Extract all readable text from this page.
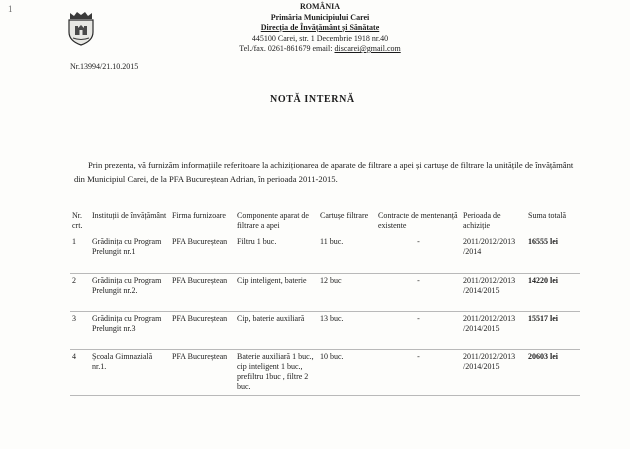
1	ROMÂNIA
Primăria Municipiului Carei
Direcția de Învățământ și Sănătate
445100 Carei, str. 1 Decembrie 1918 nr.40
Tel./fax. 0261-861679 email: discarei@gmail.com
Nr.13994/21.10.2015
NOTĂ INTERNĂ
Prin prezenta, vă furnizăm informațiile referitoare la achiziționarea de aparate de filtrare a apei și cartușe de filtrare la unitățile de învățământ din Municipiul Carei, de la PFA Bucureștean Adrian, în perioada 2011-2015.
Nr. crt.	Instituții de învățământ	Firma furnizoare	Componente aparat de filtrare a apei	Cartușe filtrare	Contracte de mentenanță existente	Perioada de achiziție	Suma totală
1	Grădinița cu Program Prelungit nr.1	PFA Bucureștean	Filtru 1 buc.	11 buc.	-	2011/2012/2013 /2014	16555 lei
2	Grădinița cu Program Prelungit nr.2.	PFA Bucureștean	Cip inteligent, baterie	12 buc	-	2011/2012/2013 /2014/2015	14220 lei
3	Grădinița cu Program Prelungit nr.3	PFA Bucureștean	Cip, baterie auxiliară	13 buc.	-	2011/2012/2013 /2014/2015	15517 lei
4	Școala Gimnazială nr.1.	PFA Bucureștean	Baterie auxiliară 1 buc., cip inteligent 1 buc., prefiltru 1buc , filtre 2 buc.	10 buc.	-	2011/2012/2013 /2014/2015	20603 lei
